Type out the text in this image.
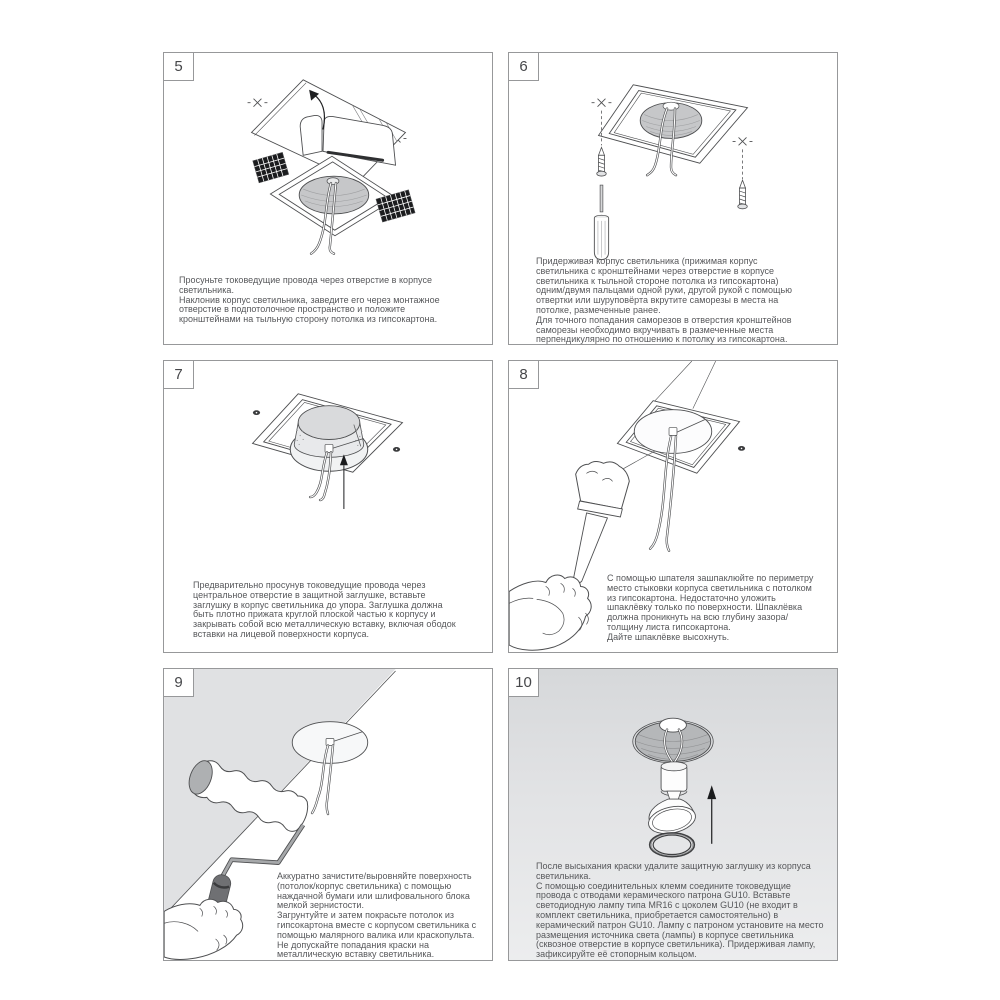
5

Просуньте токоведущие провода через отверстие в корпусе светильника.

Наклонив корпус светильника, заведите его через монтажное отверстие в подпотолочное пространство и положите кронштейнами на тыльную сторону потолка из гипсокартона.

6

Придерживая корпус светильника (прижимая корпус светильника с кронштейнами через отверстие в корпусе светильника к тыльной стороне потолка из гипсокартона) одним/двумя пальцами одной руки, другой рукой с помощью отвертки или шуруповёрта вкрутите саморезы в места на потолке, размеченные ранее.

Для точного попадания саморезов в отверстия кронштейнов саморезы необходимо вкручивать в размеченные места перпендикулярно по отношению к потолку из гипсокартона.

7

Предварительно просунув токоведущие провода через центральное отверстие в защитной заглушке, вставьте заглушку в корпус светильника до упора. Заглушка должна быть плотно прижата круглой плоской частью к корпусу и закрывать собой всю металлическую вставку, включая ободок вставки на лицевой поверхности корпуса.

8

С помощью шпателя зашпаклюйте по периметру место стыковки корпуса светильника с потолком из гипсокартона. Недостаточно уложить шпаклёвку только по поверхности. Шпаклёвка должна проникнуть на всю глубину зазора/толщину листа гипсокартона.

Дайте шпаклёвке высохнуть.

9

Аккуратно зачистите/выровняйте поверхность (потолок/корпус светильника) с помощью наждачной бумаги или шлифовального блока мелкой зернистости.

Загрунтуйте и затем покрасьте потолок из гипсокартона вместе с корпусом светильника с помощью малярного валика или краскопульта. Не допускайте попадания краски на металлическую вставку светильника.

10

После высыхания краски удалите защитную заглушку из корпуса светильника.

С помощью соединительных клемм соедините токоведущие провода с отводами керамического патрона GU10. Вставьте светодиодную лампу типа MR16 с цоколем GU10 (не входит в комплект светильника, приобретается самостоятельно) в керамический патрон GU10. Лампу с патроном установите на место размещения источника света (лампы) в корпусе светильника (сквозное отверстие в корпусе светильника). Придерживая лампу, зафиксируйте её стопорным кольцом.
